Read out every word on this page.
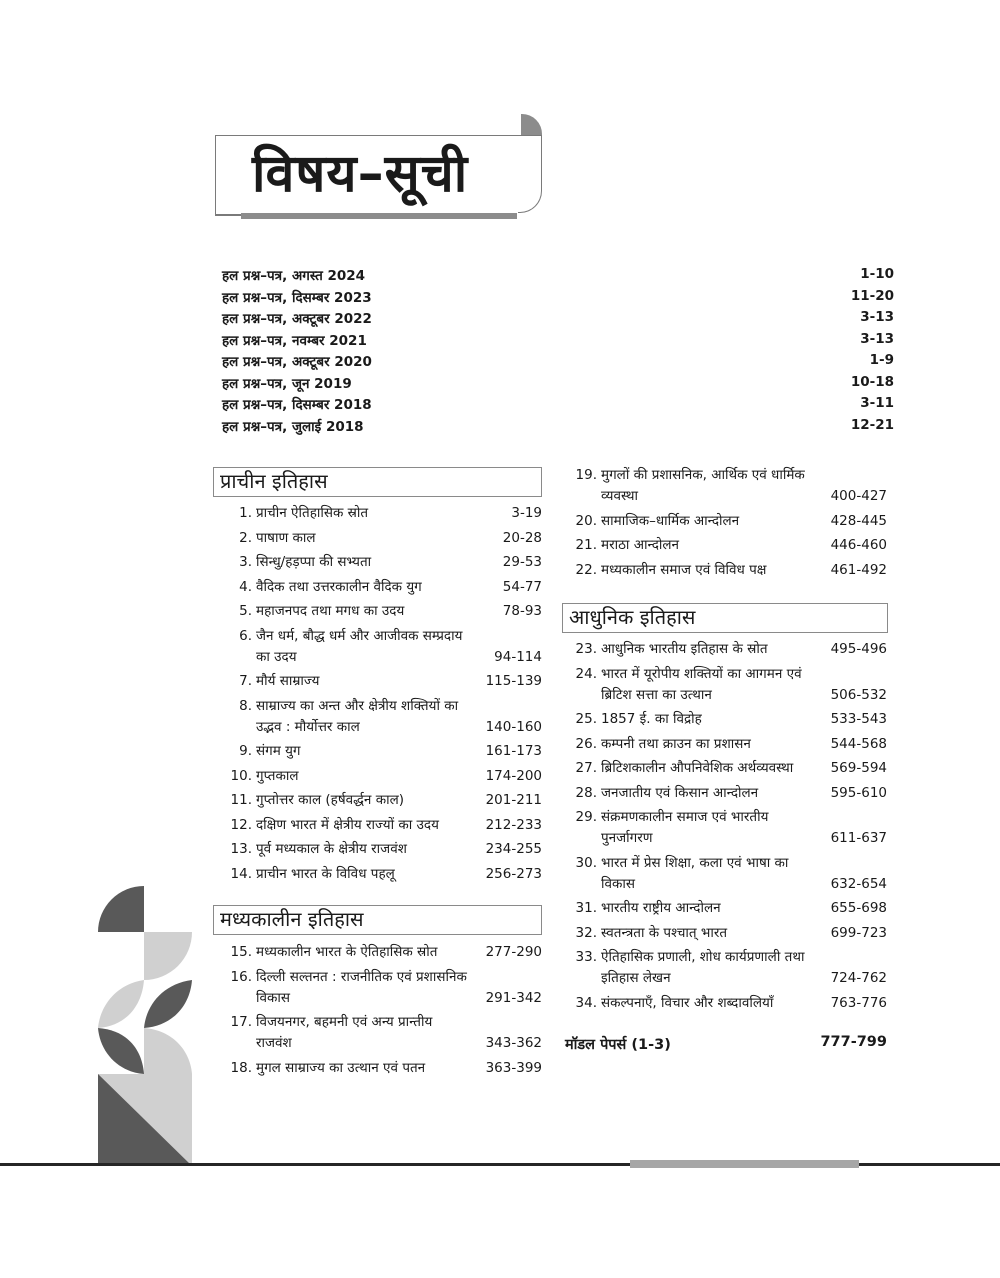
विषय–सूची
हल प्रश्न–पत्र, अगस्त 2024	1-10
हल प्रश्न–पत्र, दिसम्बर 2023	11-20
हल प्रश्न–पत्र, अक्टूबर 2022	3-13
हल प्रश्न–पत्र, नवम्बर 2021	3-13
हल प्रश्न–पत्र, अक्टूबर 2020	1-9
हल प्रश्न–पत्र, जून 2019	10-18
हल प्रश्न–पत्र, दिसम्बर 2018	3-11
हल प्रश्न–पत्र, जुलाई 2018	12-21
प्राचीन इतिहास
1. प्राचीन ऐतिहासिक स्रोत	3-19
2. पाषाण काल	20-28
3. सिन्धु/हड़प्पा की सभ्यता	29-53
4. वैदिक तथा उत्तरकालीन वैदिक युग	54-77
5. महाजनपद तथा मगध का उदय	78-93
6. जैन धर्म, बौद्ध धर्म और आजीवक सम्प्रदाय का उदय	94-114
7. मौर्य साम्राज्य	115-139
8. साम्राज्य का अन्त और क्षेत्रीय शक्तियों का उद्भव : मौर्योत्तर काल	140-160
9. संगम युग	161-173
10. गुप्तकाल	174-200
11. गुप्तोत्तर काल (हर्षवर्द्धन काल)	201-211
12. दक्षिण भारत में क्षेत्रीय राज्यों का उदय	212-233
13. पूर्व मध्यकाल के क्षेत्रीय राजवंश	234-255
14. प्राचीन भारत के विविध पहलू	256-273
मध्यकालीन इतिहास
15. मध्यकालीन भारत के ऐतिहासिक स्रोत	277-290
16. दिल्ली सल्तनत : राजनीतिक एवं प्रशासनिक विकास	291-342
17. विजयनगर, बहमनी एवं अन्य प्रान्तीय राजवंश	343-362
18. मुगल साम्राज्य का उत्थान एवं पतन	363-399
19. मुगलों की प्रशासनिक, आर्थिक एवं धार्मिक व्यवस्था	400-427
20. सामाजिक–धार्मिक आन्दोलन	428-445
21. मराठा आन्दोलन	446-460
22. मध्यकालीन समाज एवं विविध पक्ष	461-492
आधुनिक इतिहास
23. आधुनिक भारतीय इतिहास के स्रोत	495-496
24. भारत में यूरोपीय शक्तियों का आगमन एवं ब्रिटिश सत्ता का उत्थान	506-532
25. 1857 ई. का विद्रोह	533-543
26. कम्पनी तथा क्राउन का प्रशासन	544-568
27. ब्रिटिशकालीन औपनिवेशिक अर्थव्यवस्था	569-594
28. जनजातीय एवं किसान आन्दोलन	595-610
29. संक्रमणकालीन समाज एवं भारतीय पुनर्जागरण	611-637
30. भारत में प्रेस शिक्षा, कला एवं भाषा का विकास	632-654
31. भारतीय राष्ट्रीय आन्दोलन	655-698
32. स्वतन्त्रता के पश्चात् भारत	699-723
33. ऐतिहासिक प्रणाली, शोध कार्यप्रणाली तथा इतिहास लेखन	724-762
34. संकल्पनाएँ, विचार और शब्दावलियाँ	763-776
मॉडल पेपर्स (1-3)	777-799
